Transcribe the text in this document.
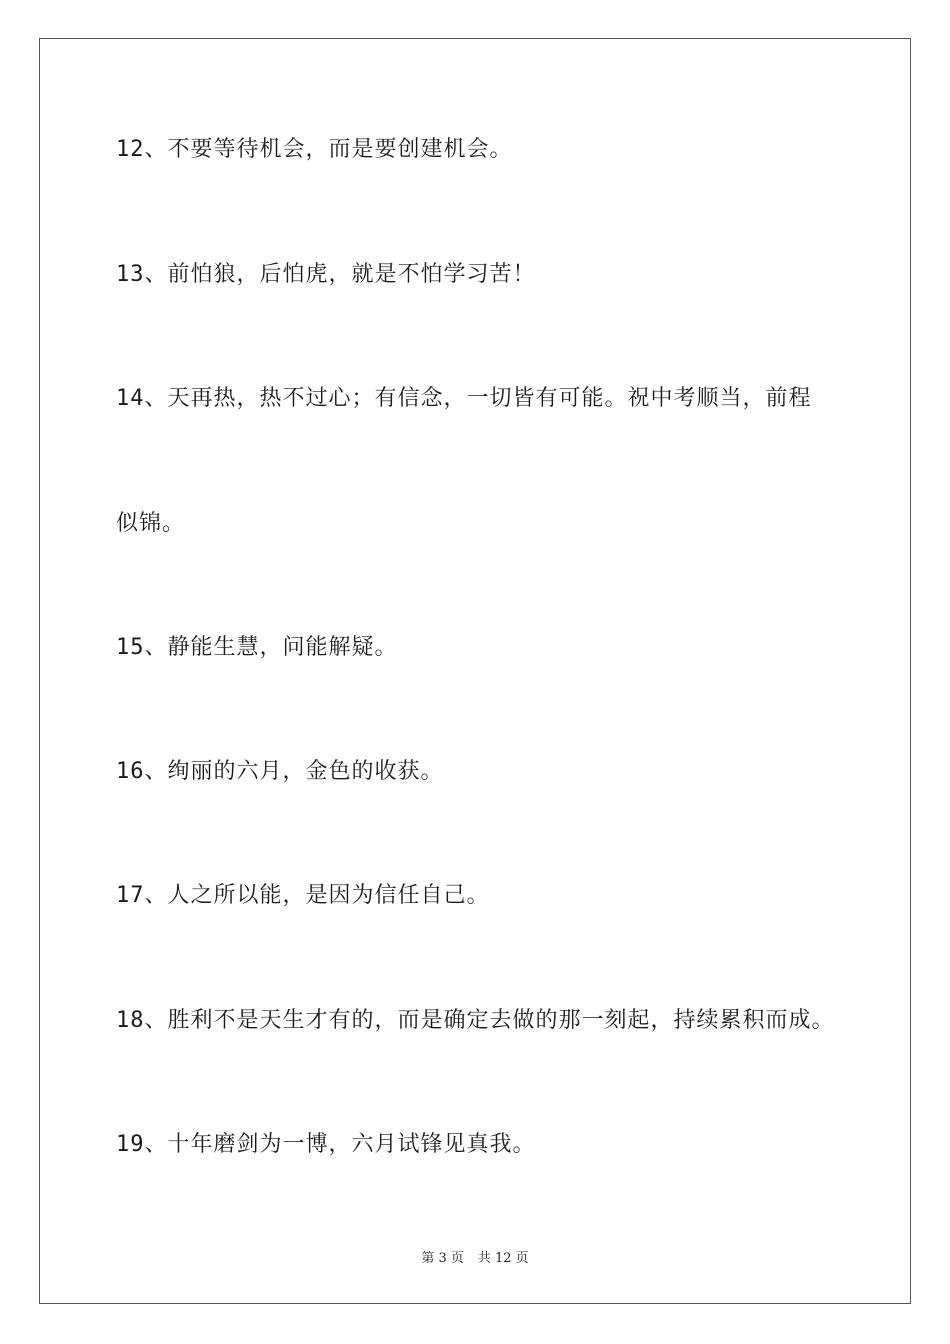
12、不要等待机会，而是要创建机会。
13、前怕狼，后怕虎，就是不怕学习苦！
14、天再热，热不过心；有信念，一切皆有可能。祝中考顺当，前程
似锦。
15、静能生慧，问能解疑。
16、绚丽的六月，金色的收获。
17、人之所以能，是因为信任自己。
18、胜利不是天生才有的，而是确定去做的那一刻起，持续累积而成。
19、十年磨剑为一博，六月试锋见真我。
第 3 页 共 12 页
